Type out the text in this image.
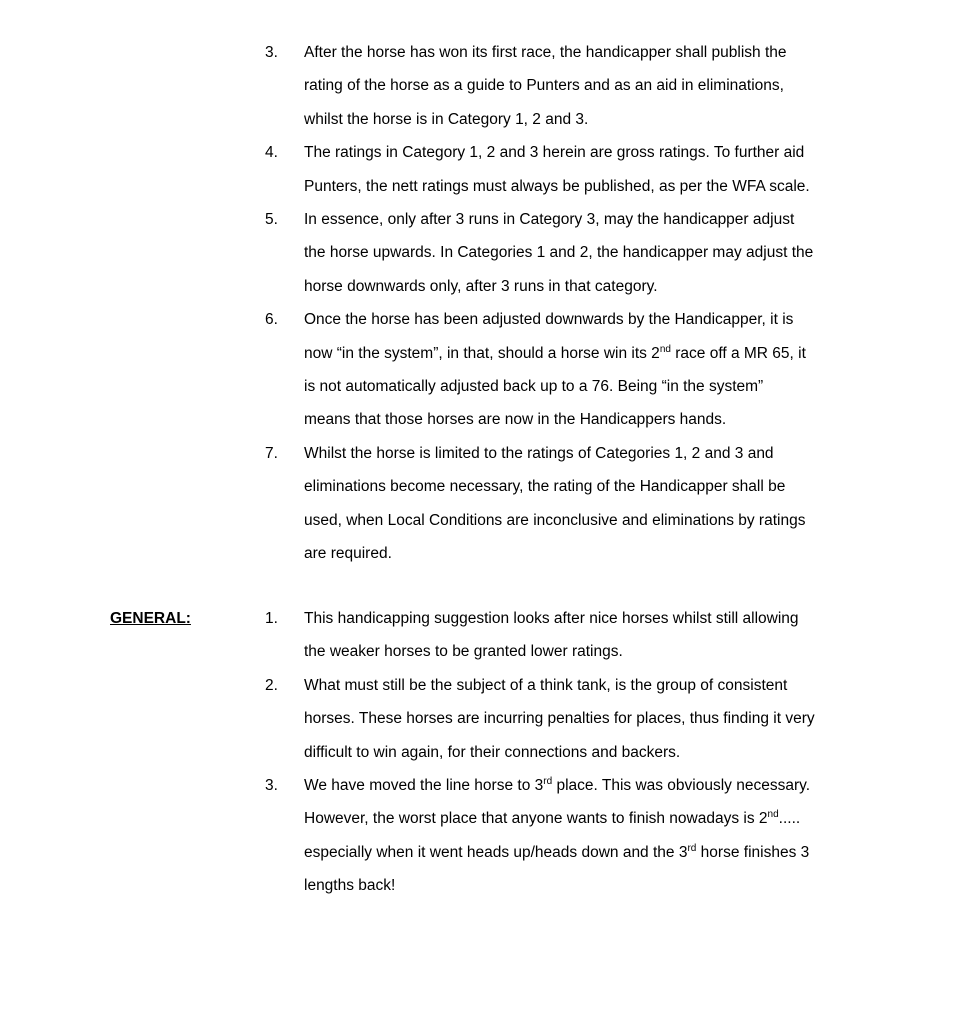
3.	After the horse has won its first race, the handicapper shall publish the
rating of the horse as a guide to Punters and as an aid in eliminations,
whilst the horse is in Category 1, 2 and 3.
4.	The ratings in Category 1, 2 and 3 herein are gross ratings. To further aid
Punters, the nett ratings must always be published, as per the WFA scale.
5.	In essence, only after 3 runs in Category 3, may the handicapper adjust
the horse upwards. In Categories 1 and 2, the handicapper may adjust the
horse downwards only, after 3 runs in that category.
6.	Once the horse has been adjusted downwards by the Handicapper, it is
now “in the system”, in that, should a horse win its 2nd race off a MR 65, it
is not automatically adjusted back up to a 76. Being “in the system”
means that those horses are now in the Handicappers hands.
7.	Whilst the horse is limited to the ratings of Categories 1, 2 and 3 and
eliminations become necessary, the rating of the Handicapper shall be
used, when Local Conditions are inconclusive and eliminations by ratings
are required.
GENERAL:	1.	This handicapping suggestion looks after nice horses whilst still allowing
the weaker horses to be granted lower ratings.
2.	What must still be the subject of a think tank, is the group of consistent
horses. These horses are incurring penalties for places, thus finding it very
difficult to win again, for their connections and backers.
3.	We have moved the line horse to 3rd place. This was obviously necessary.
However, the worst place that anyone wants to finish nowadays is 2nd.....
especially when it went heads up/heads down and the 3rd horse finishes 3
lengths back!
